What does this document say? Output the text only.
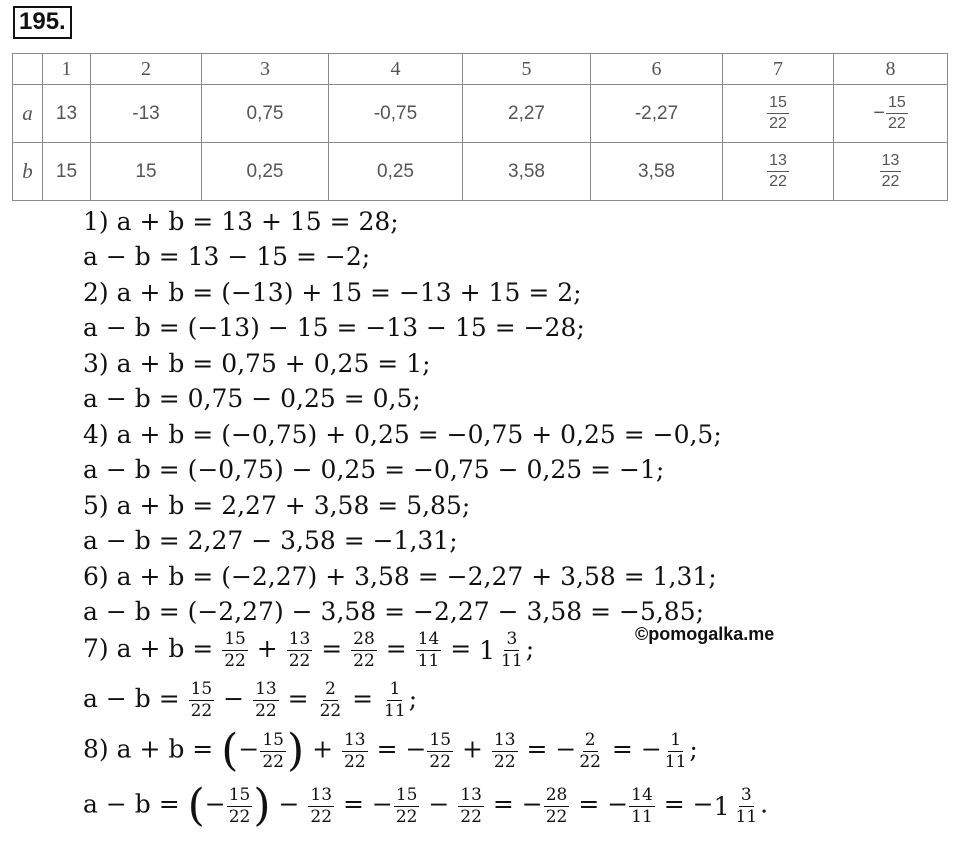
195.
	1	2	3	4	5	6	7	8
a	13	-13	0,75	-0,75	2,27	-2,27	$\frac{15}{22}$	− $\frac{15}{22}$

b	15	15	0,25	0,25	3,58	3,58	$\frac{13}{22}$	$\frac{13}{22}$
1) a + b = 13 + 15 = 28;
a − b = 13 − 15 = −2;
2) a + b = (−13) + 15 = −13 + 15 = 2;
a − b = (−13) − 15 = −13 − 15 = −28;
3) a + b = 0,75 + 0,25 = 1;
a − b = 0,75 − 0,25 = 0,5;
4) a + b = (−0,75) + 0,25 = −0,75 + 0,25 = −0,5;
a − b = (−0,75) − 0,25 = −0,75 − 0,25 = −1;
5) a + b = 2,27 + 3,58 = 5,85;
a − b = 2,27 − 3,58 = −1,31;
6) a + b = (−2,27) + 3,58 = −2,27 + 3,58 = 1,31;
a − b = (−2,27) − 3,58 = −2,27 − 3,58 = −5,85;
©pomogalka.me
7) $a + b = \frac{15}{22} + \frac{13}{22} = \frac{28}{22} = \frac{14}{11} = 1$ 3
11 ;
$a - b = \frac{15}{22} - \frac{13}{22} = \frac{2}{22} = \frac{1}{11}$ ;
8) a + b = (− $\frac{15}{22}$ ) + $\frac{13}{22}$ = − $\frac{15}{22} + \frac{13}{22}$ = − $\frac{2}{22}$ = − $\frac{1}{11}$ ;
a − b = (− $\frac{15}{22}$ ) − $\frac{13}{22}$ = − $\frac{15}{22} - \frac{13}{22}$ = − $\frac{28}{22}$ = − $\frac{14}{11}$ = − 1 3
11 .
